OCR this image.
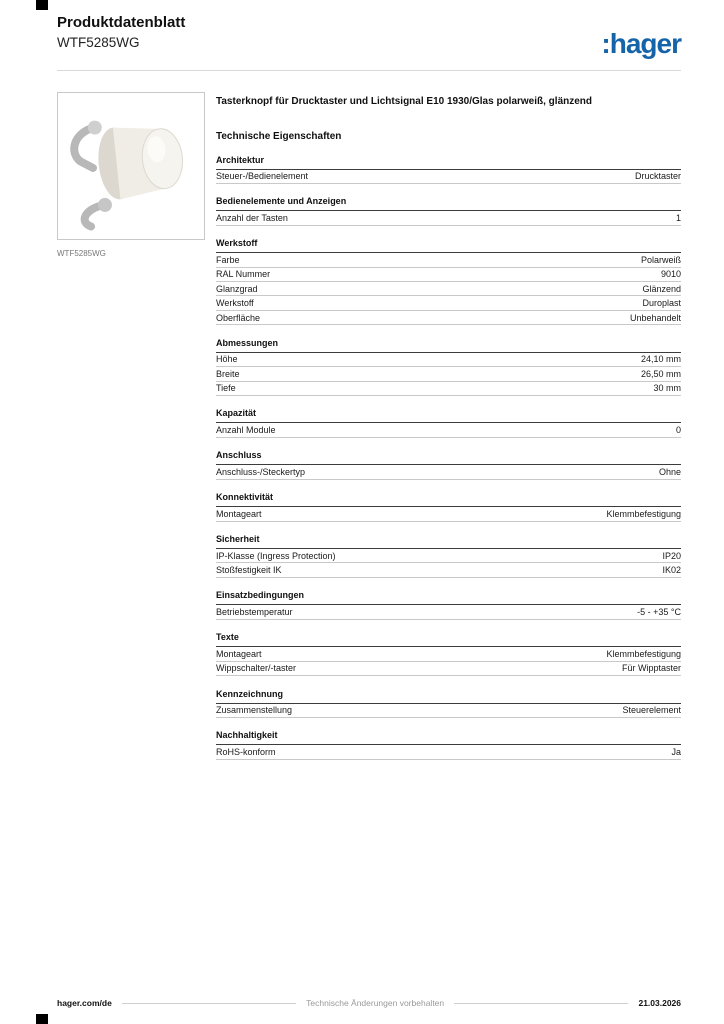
Produktdatenblatt
WTF5285WG	:hager
WTF5285WG
Tasterknopf für Drucktaster und Lichtsignal E10 1930/Glas polarweiß, glänzend
Technische Eigenschaften
Architektur
Steuer-/Bedienelement	Drucktaster
Bedienelemente und Anzeigen
Anzahl der Tasten	1
Werkstoff
Farbe	Polarweiß
RAL Nummer	9010
Glanzgrad	Glänzend
Werkstoff	Duroplast
Oberfläche	Unbehandelt
Abmessungen
Höhe	24,10 mm
Breite	26,50 mm
Tiefe	30 mm
Kapazität
Anzahl Module	0
Anschluss
Anschluss-/Steckertyp	Ohne
Konnektivität
Montageart	Klemmbefestigung
Sicherheit
IP-Klasse (Ingress Protection)	IP20
Stoßfestigkeit IK	IK02
Einsatzbedingungen
Betriebstemperatur	-5 - +35 °C
Texte
Montageart	Klemmbefestigung
Wippschalter/-taster	Für Wipptaster
Kennzeichnung
Zusammenstellung	Steuerelement
Nachhaltigkeit
RoHS-konform	Ja
hager.com/de	Technische Änderungen vorbehalten	21.03.2026
